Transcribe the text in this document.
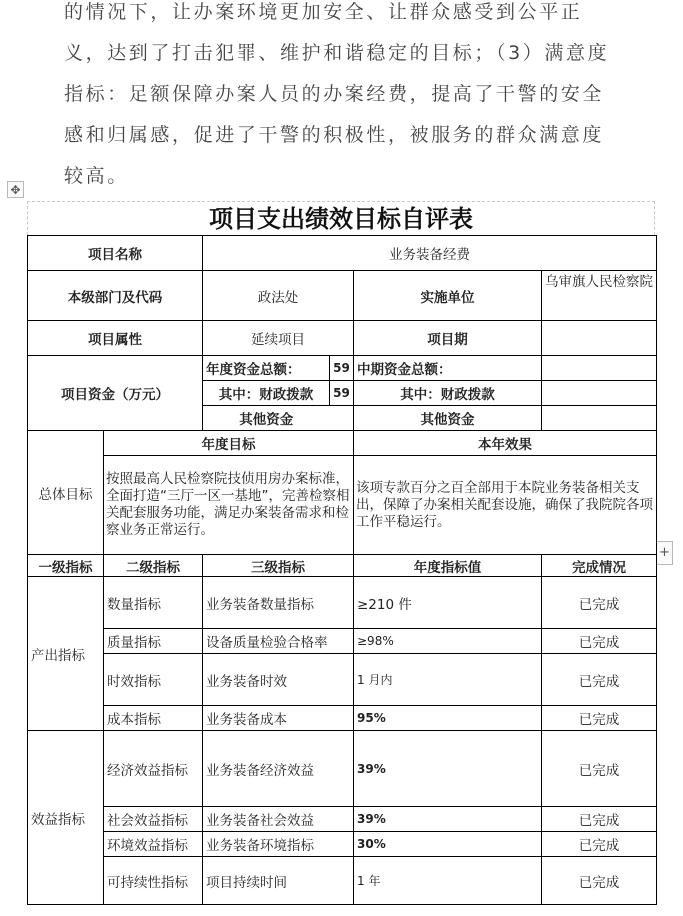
的情况下，让办案环境更加安全、让群众感受到公平正

义，达到了打击犯罪、维护和谐稳定的目标；（3）满意度

指标：足额保障办案人员的办案经费，提高了干警的安全

感和归属感，促进了干警的积极性，被服务的群众满意度

较高。

✥
+
项目支出绩效目标自评表
项目名称		业务装备经费			
本级部门及代码		政法处		实施单位	乌审旗人民检察院
项目属性		延续项目		项目期	
项目资金（万元）		年度资金总额：	59	中期资金总额：	
		其中：财政拨款	59	其中：财政拨款	
		其他资金		其他资金	
总体目标	年度目标			本年效果	
	按照最高人民检察院技侦用房办案标准，全面打造“三厅一区一基地”，完善检察相关配套服务功能，满足办案装备需求和检察业务正常运行。			该项专款百分之百全部用于本院业务装备相关支出，保障了办案相关配套设施，确保了我院院各项工作平稳运行。	
一级指标	二级指标	三级指标		年度指标值	完成情况
产出指标	数量指标	业务装备数量指标		≥210 件	已完成
	质量指标	设备质量检验合格率		≥98%	已完成
	时效指标	业务装备时效		1 月内	已完成
	成本指标	业务装备成本		95%	已完成
效益指标	经济效益指标	业务装备经济效益		39%	已完成
	社会效益指标	业务装备社会效益		39%	已完成
	环境效益指标	业务装备环境指标		30%	已完成
	可持续性指标	项目持续时间		1 年	已完成
